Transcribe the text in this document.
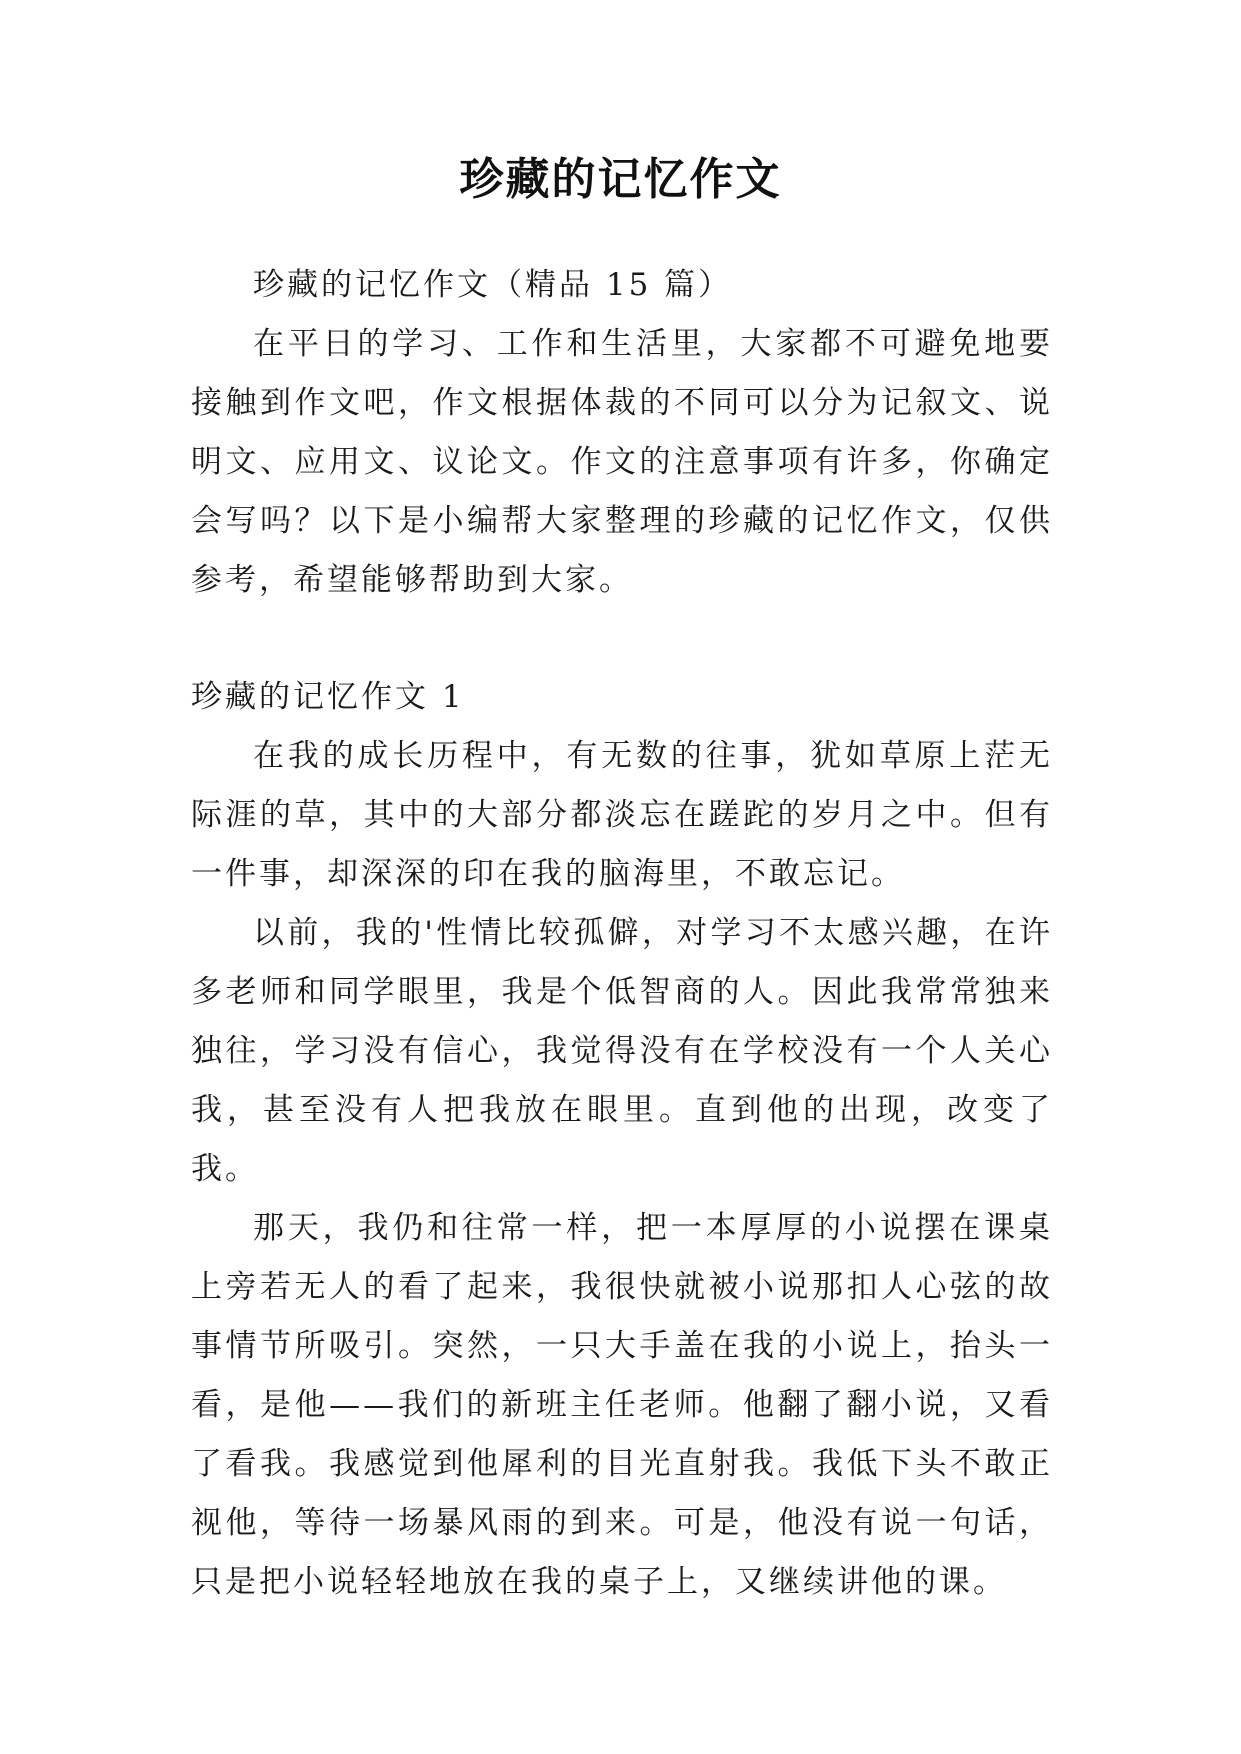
珍藏的记忆作文

珍藏的记忆作文（精品 15 篇）

在平日的学习、工作和生活里，大家都不可避免地要接触到作文吧，作文根据体裁的不同可以分为记叙文、说明文、应用文、议论文。作文的注意事项有许多，你确定会写吗？以下是小编帮大家整理的珍藏的记忆作文，仅供参考，希望能够帮助到大家。

珍藏的记忆作文 1

在我的成长历程中，有无数的往事，犹如草原上茫无际涯的草，其中的大部分都淡忘在蹉跎的岁月之中。但有一件事，却深深的印在我的脑海里，不敢忘记。

以前，我的'性情比较孤僻，对学习不太感兴趣，在许多老师和同学眼里，我是个低智商的人。因此我常常独来独往，学习没有信心，我觉得没有在学校没有一个人关心我，甚至没有人把我放在眼里。直到他的出现，改变了我。

那天，我仍和往常一样，把一本厚厚的小说摆在课桌上旁若无人的看了起来，我很快就被小说那扣人心弦的故事情节所吸引。突然，一只大手盖在我的小说上，抬头一看，是他——我们的新班主任老师。他翻了翻小说，又看了看我。我感觉到他犀利的目光直射我。我低下头不敢正视他，等待一场暴风雨的到来。可是，他没有说一句话，只是把小说轻轻地放在我的桌子上，又继续讲他的课。
